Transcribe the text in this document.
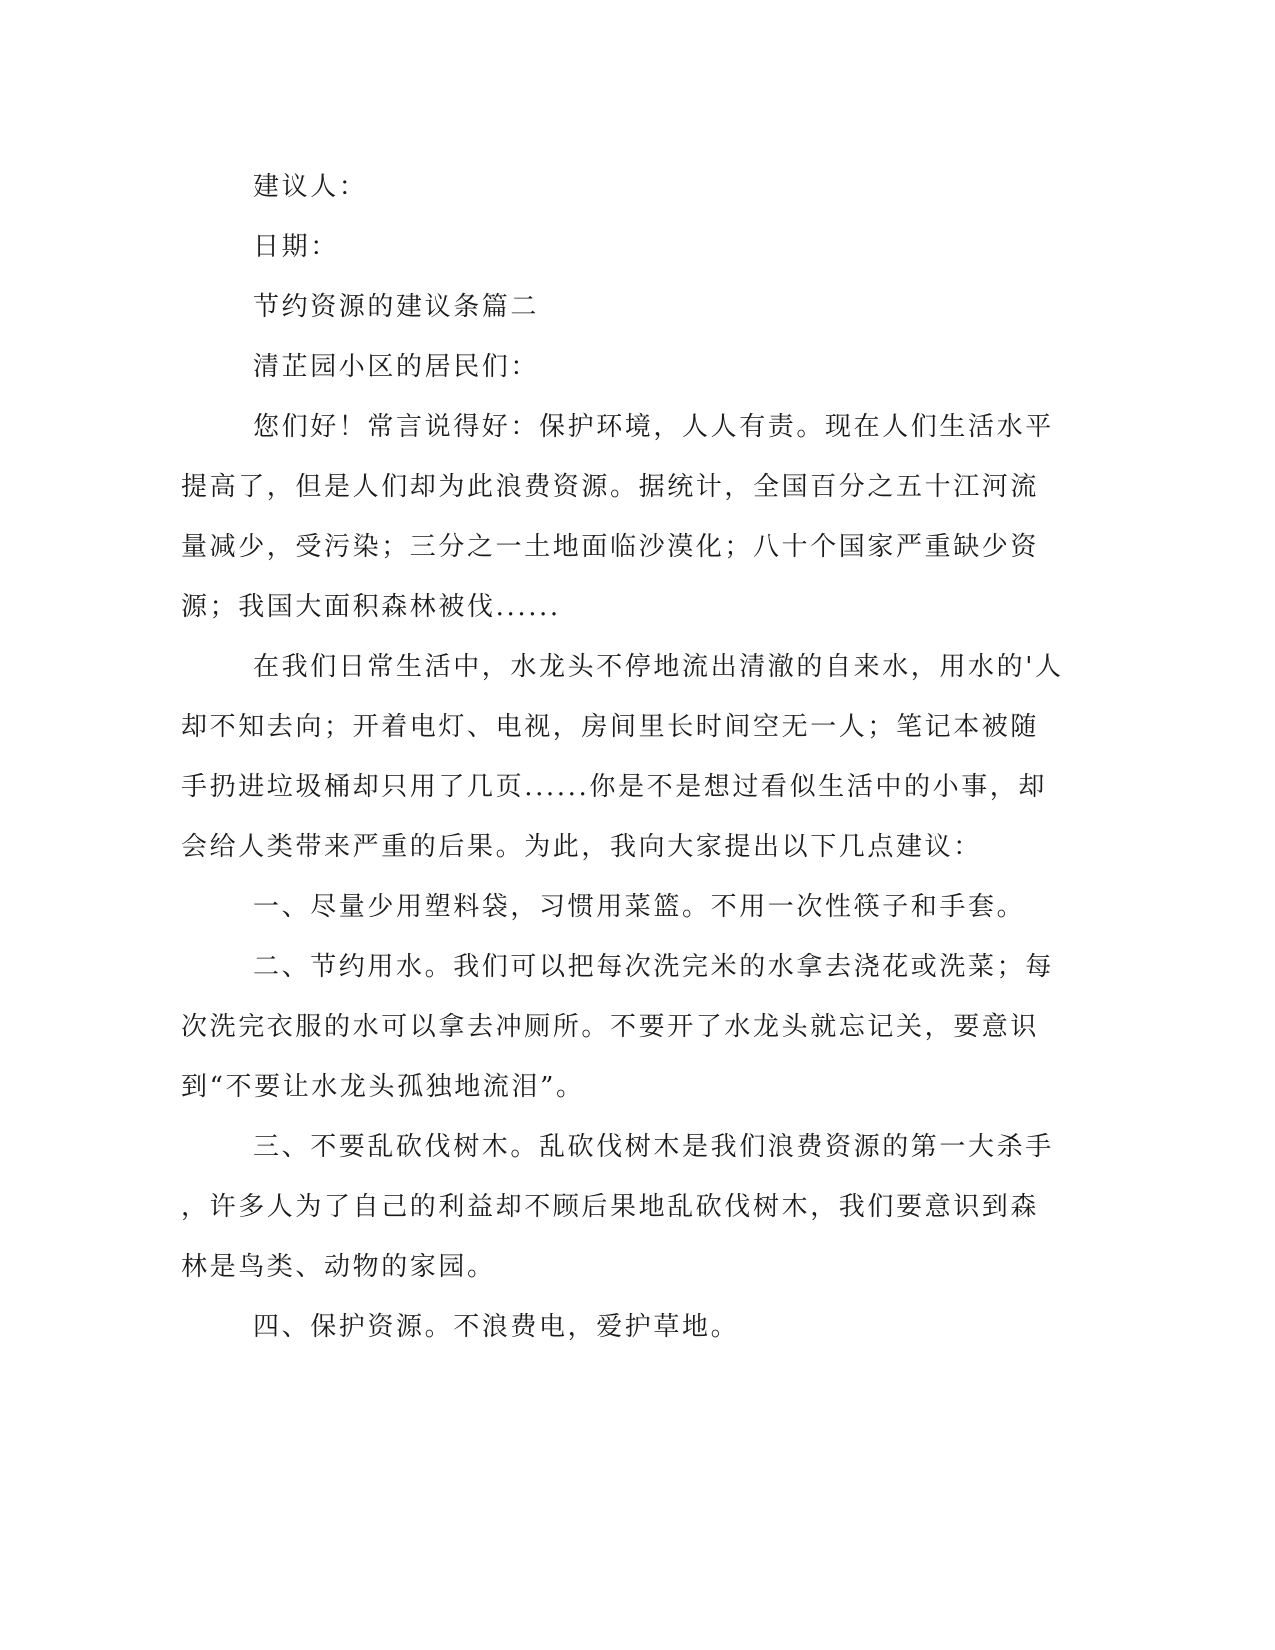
建议人：
日期：
节约资源的建议条篇二
清芷园小区的居民们：
您们好！常言说得好：保护环境，人人有责。现在人们生活水平
提高了，但是人们却为此浪费资源。据统计，全国百分之五十江河流
量减少，受污染；三分之一土地面临沙漠化；八十个国家严重缺少资
源；我国大面积森林被伐......
在我们日常生活中，水龙头不停地流出清澈的自来水，用水的'人
却不知去向；开着电灯、电视，房间里长时间空无一人；笔记本被随
手扔进垃圾桶却只用了几页......你是不是想过看似生活中的小事，却
会给人类带来严重的后果。为此，我向大家提出以下几点建议：
一、尽量少用塑料袋，习惯用菜篮。不用一次性筷子和手套。
二、节约用水。我们可以把每次洗完米的水拿去浇花或洗菜；每
次洗完衣服的水可以拿去冲厕所。不要开了水龙头就忘记关，要意识
到“不要让水龙头孤独地流泪”。
三、不要乱砍伐树木。乱砍伐树木是我们浪费资源的第一大杀手
，许多人为了自己的利益却不顾后果地乱砍伐树木，我们要意识到森
林是鸟类、动物的家园。
四、保护资源。不浪费电，爱护草地。
